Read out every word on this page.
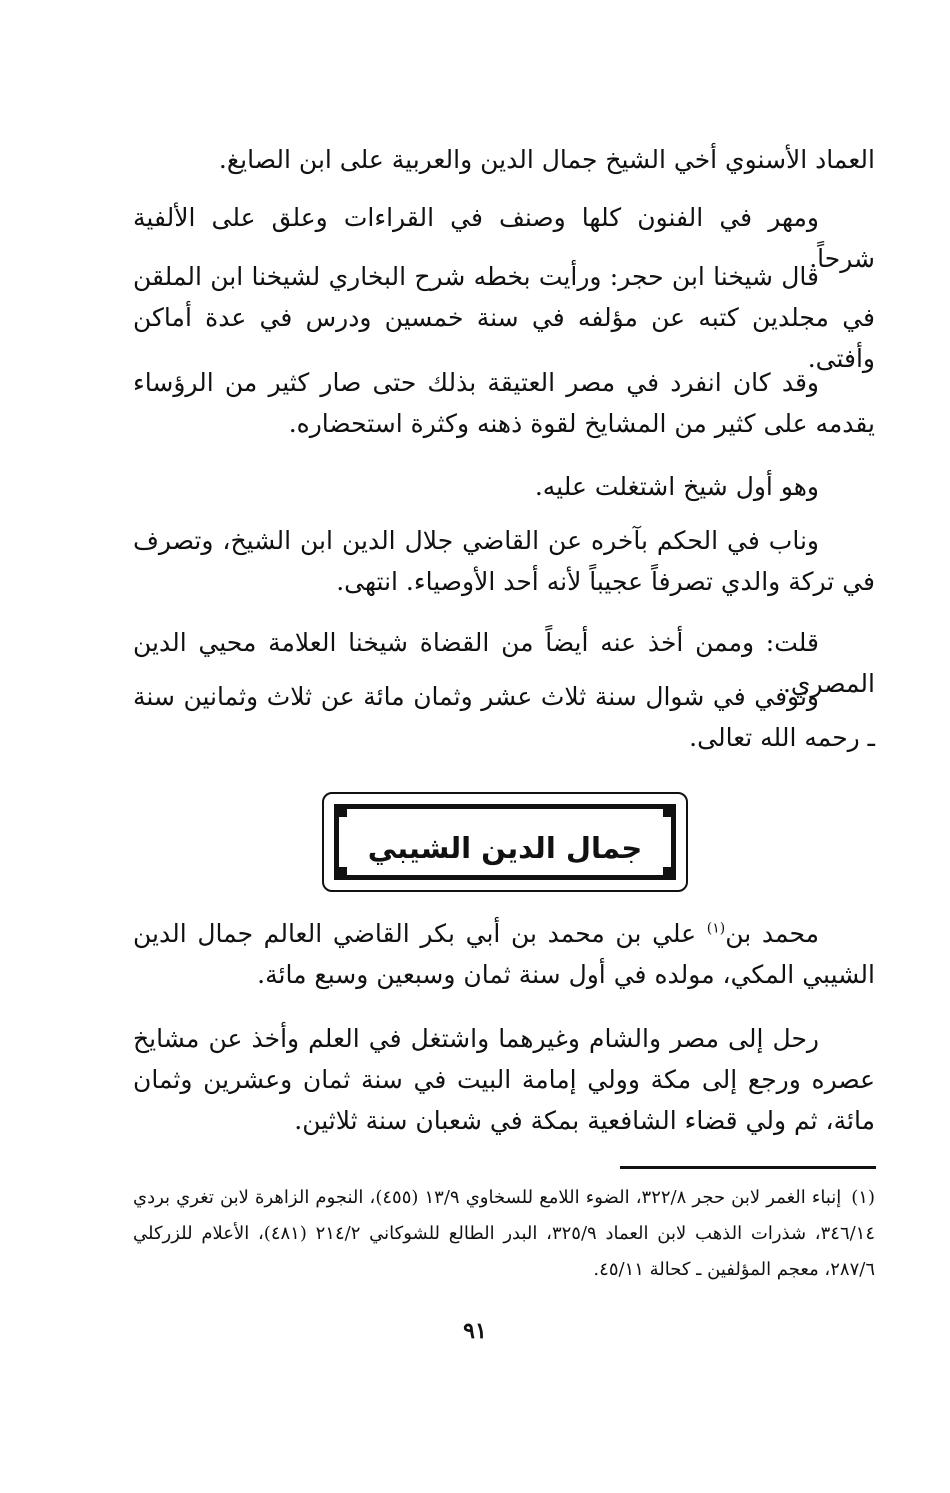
العماد الأسنوي أخي الشيخ جمال الدين والعربية على ابن الصايغ.

ومهر في الفنون كلها وصنف في القراءات وعلق على الألفية شرحاً.

قال شيخنا ابن حجر: ورأيت بخطه شرح البخاري لشيخنا ابن الملقن في مجلدين كتبه عن مؤلفه في سنة خمسين ودرس في عدة أماكن وأفتى.

وقد كان انفرد في مصر العتيقة بذلك حتى صار كثير من الرؤساء يقدمه على كثير من المشايخ لقوة ذهنه وكثرة استحضاره.

وهو أول شيخ اشتغلت عليه.

وناب في الحكم بآخره عن القاضي جلال الدين ابن الشيخ، وتصرف في تركة والدي تصرفاً عجيباً لأنه أحد الأوصياء. انتهى.

قلت: وممن أخذ عنه أيضاً من القضاة شيخنا العلامة محيي الدين المصري.

وتوفي في شوال سنة ثلاث عشر وثمان مائة عن ثلاث وثمانين سنة ـ رحمه الله تعالى.

جمال الدين الشيبي

محمد بن$^{(١)}$ علي بن محمد بن أبي بكر القاضي العالم جمال الدين الشيبي المكي، مولده في أول سنة ثمان وسبعين وسبع مائة.

رحل إلى مصر والشام وغيرهما واشتغل في العلم وأخذ عن مشايخ عصره ورجع إلى مكة وولي إمامة البيت في سنة ثمان وعشرين وثمان مائة، ثم ولي قضاء الشافعية بمكة في شعبان سنة ثلاثين.

(١)إنباء الغمر لابن حجر ٣٢٢/٨، الضوء اللامع للسخاوي ١٣/٩ (٤٥٥)، النجوم الزاهرة لابن تغري بردي ٣٤٦/١٤، شذرات الذهب لابن العماد ٣٢٥/٩، البدر الطالع للشوكاني ٢١٤/٢ (٤٨١)، الأعلام للزركلي ٢٨٧/٦، معجم المؤلفين ـ كحالة ٤٥/١١.
٩١
